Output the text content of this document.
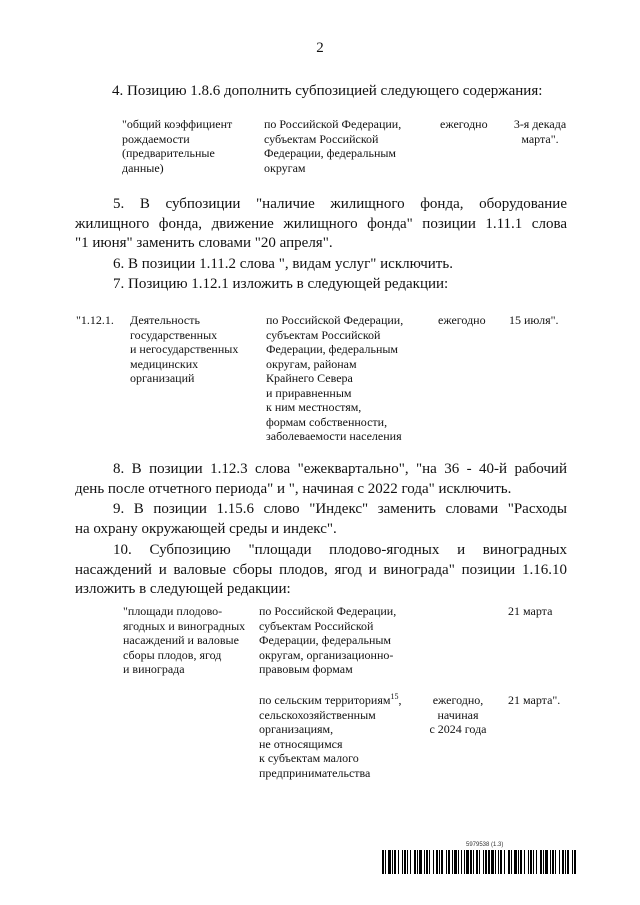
2
4. Позицию 1.8.6 дополнить субпозицией следующего содержания:
"общий коэффициент
рождаемости
(предварительные
данные)
по Российской Федерации,
субъектам Российской
Федерации, федеральным
округам
ежегодно	3-я декада
марта".
5. В субпозиции "наличие жилищного фонда, оборудование
жилищного фонда, движение жилищного фонда" позиции 1.11.1 слова
"1 июня" заменить словами "20 апреля".
6. В позиции 1.11.2 слова ", видам услуг" исключить.
7. Позицию 1.12.1 изложить в следующей редакции:
"1.12.1. Деятельность
государственных
и негосударственных
медицинских
организаций
по Российской Федерации,
субъектам Российской
Федерации, федеральным
округам, районам
Крайнего Севера
и приравненным
к ним местностям,
формам собственности,
заболеваемости населения
ежегодно 15 июля".
8. В позиции 1.12.3 слова "ежеквартально", "на 36 - 40-й рабочий
день после отчетного периода" и ", начиная с 2022 года" исключить.
9. В позиции 1.15.6 слово "Индекс" заменить словами "Расходы
на охрану окружающей среды и индекс".
10. Субпозицию "площади плодово-ягодных и виноградных
насаждений и валовые сборы плодов, ягод и винограда" позиции 1.16.10
изложить в следующей редакции:
"площади плодово-
ягодных и виноградных
насаждений и валовые
сборы плодов, ягод
и винограда
по Российской Федерации,
субъектам Российской
Федерации, федеральным
округам, организационно-
правовым формам
21 марта
по сельским территориям$^{15}$,
сельскохозяйственным
организациям,
не относящимся
к субъектам малого
предпринимательства
ежегодно,
начиная
с 2024 года
21 марта".
5979538 (1.3)
